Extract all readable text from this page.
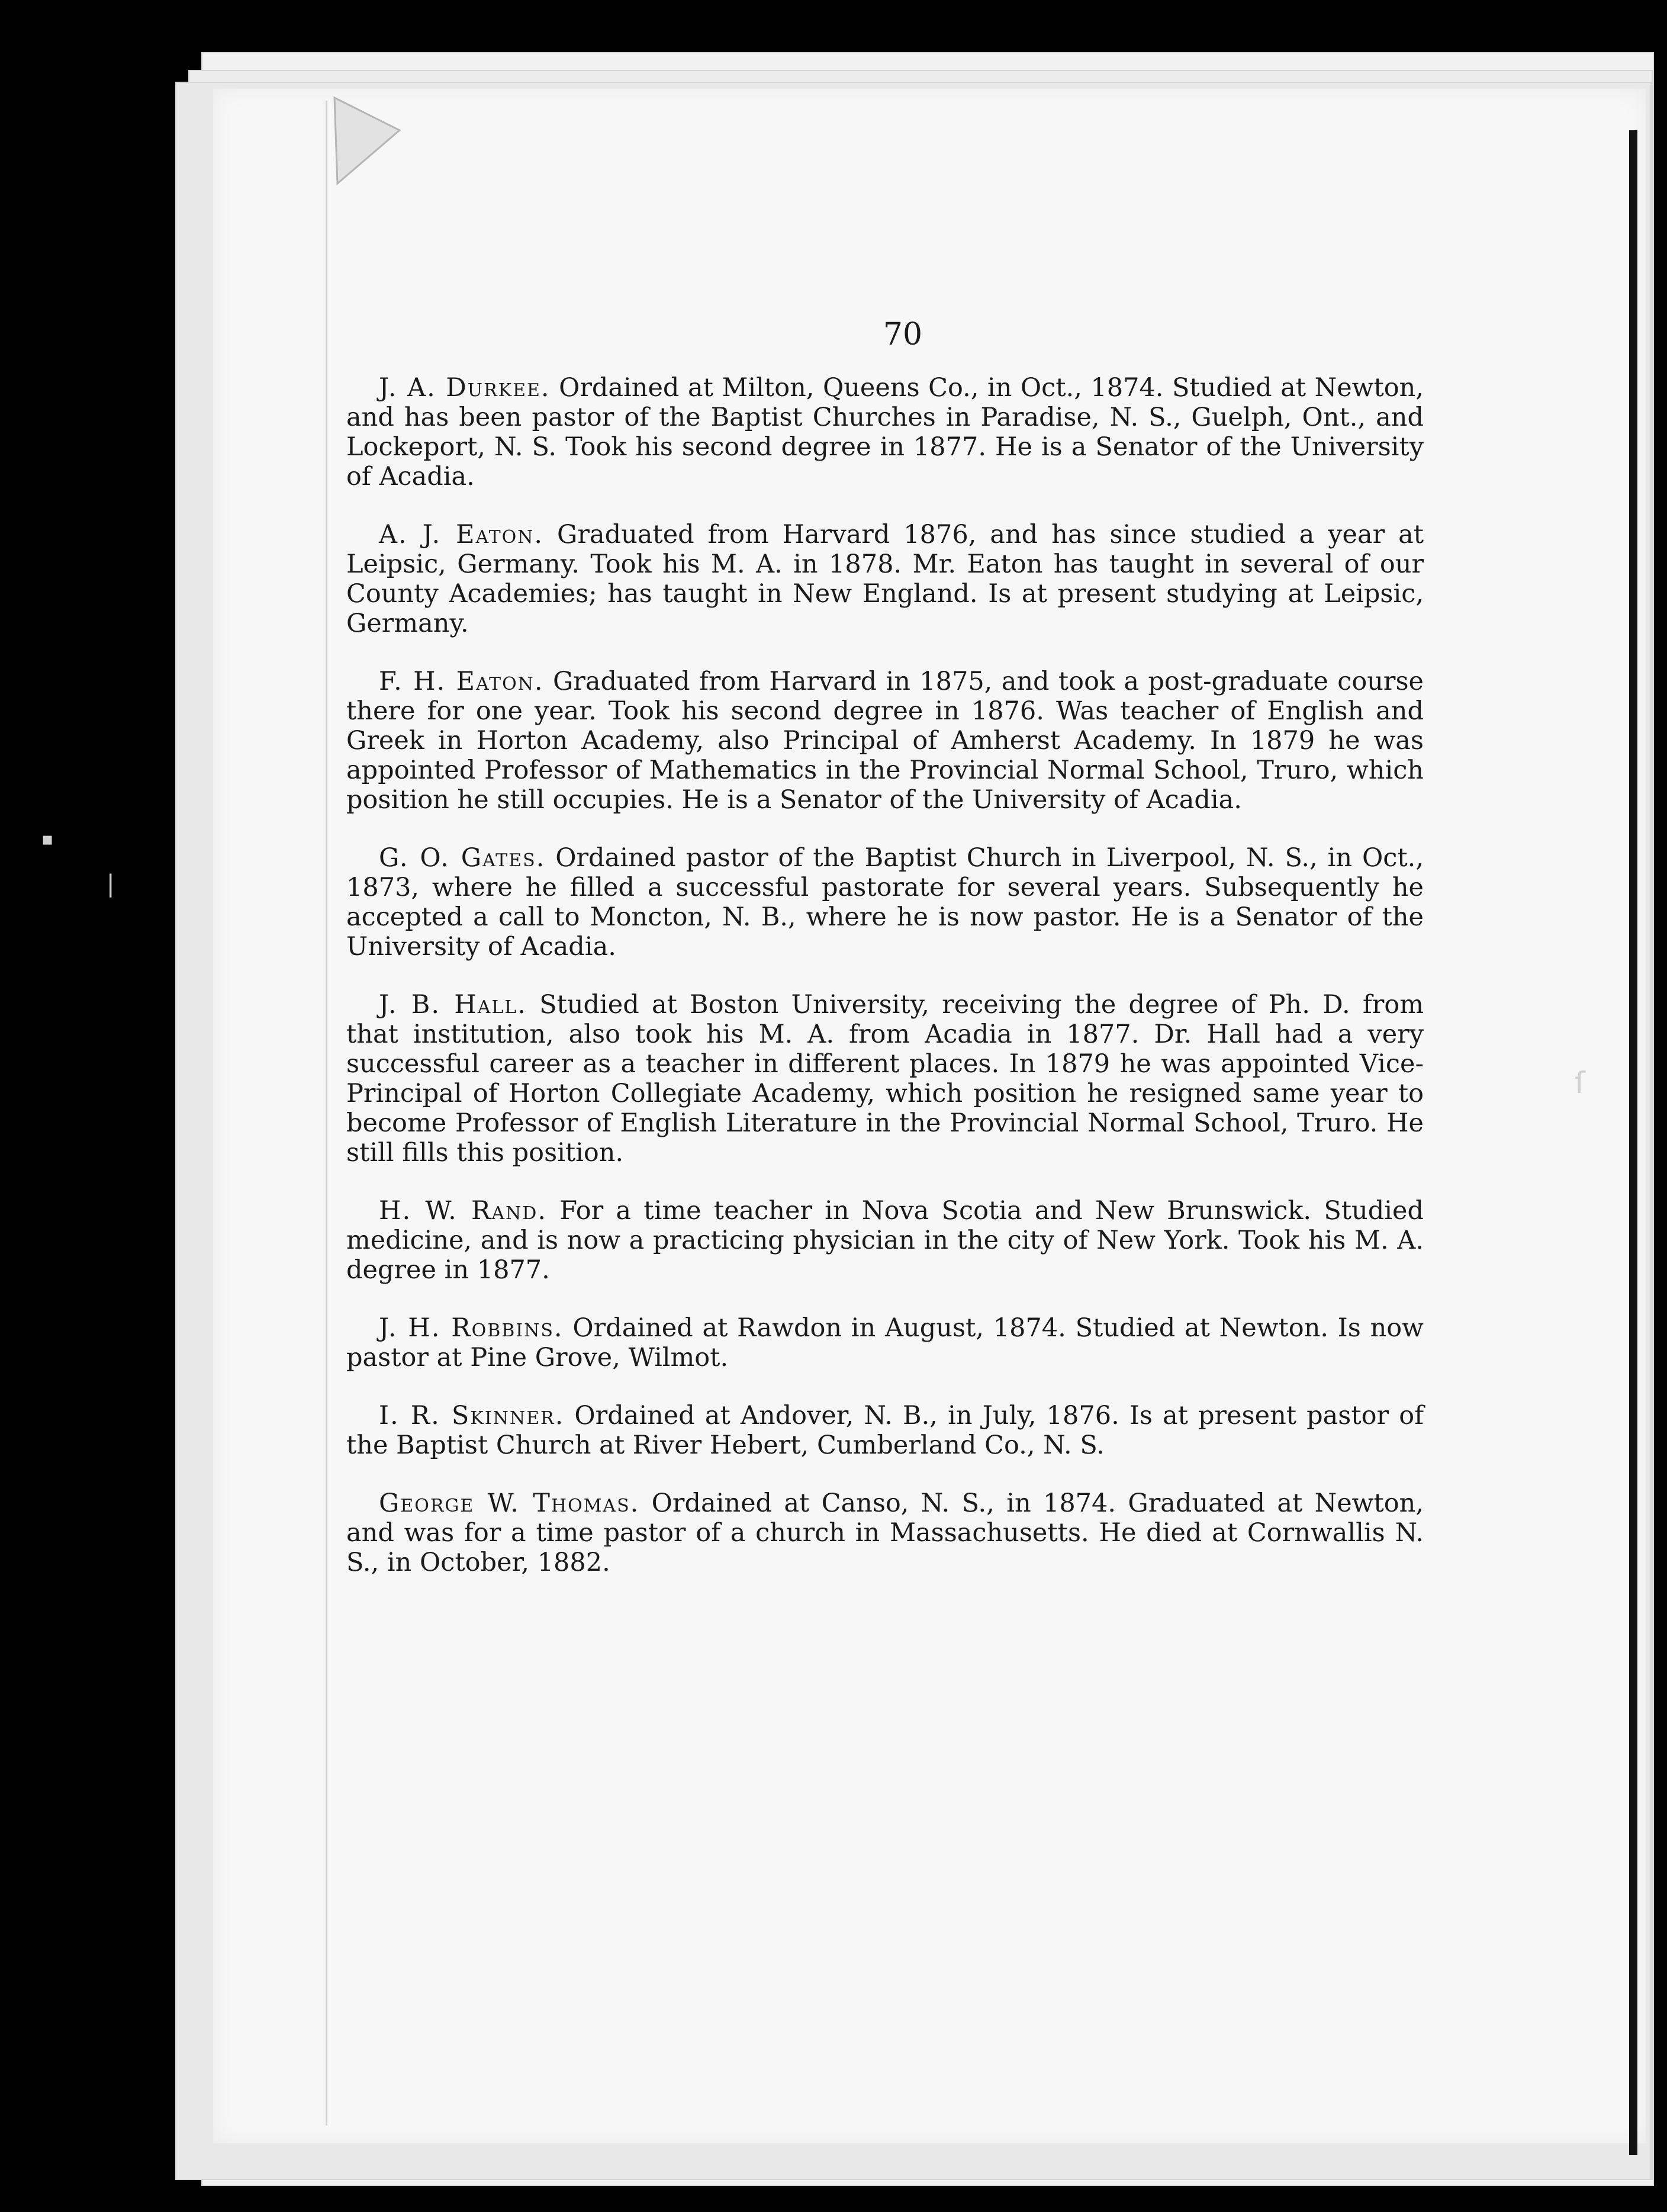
▪
|
ſ
70

J. A. Durkee. Ordained at Milton, Queens Co., in Oct., 1874. Studied at Newton, and has been pastor of the Baptist Churches in Paradise, N. S., Guelph, Ont., and Lockeport, N. S. Took his second degree in 1877. He is a Senator of the University of Acadia.

A. J. Eaton. Graduated from Harvard 1876, and has since studied a year at Leipsic, Germany. Took his M. A. in 1878. Mr. Eaton has taught in several of our County Academies; has taught in New England. Is at present studying at Leipsic, Germany.

F. H. Eaton. Graduated from Harvard in 1875, and took a post-graduate course there for one year. Took his second degree in 1876. Was teacher of English and Greek in Horton Academy, also Principal of Amherst Academy. In 1879 he was appointed Professor of Mathematics in the Provincial Normal School, Truro, which position he still occupies. He is a Senator of the University of Acadia.

G. O. Gates. Ordained pastor of the Baptist Church in Liverpool, N. S., in Oct., 1873, where he filled a successful pastorate for several years. Subsequently he accepted a call to Moncton, N. B., where he is now pastor. He is a Senator of the University of Acadia.

J. B. Hall. Studied at Boston University, receiving the degree of Ph. D. from that institution, also took his M. A. from Acadia in 1877. Dr. Hall had a very successful career as a teacher in different places. In 1879 he was appointed Vice-Principal of Horton Collegiate Academy, which position he resigned same year to become Professor of English Literature in the Provincial Normal School, Truro. He still fills this position.

H. W. Rand. For a time teacher in Nova Scotia and New Brunswick. Studied medicine, and is now a practicing physician in the city of New York. Took his M. A. degree in 1877.

J. H. Robbins. Ordained at Rawdon in August, 1874. Studied at Newton. Is now pastor at Pine Grove, Wilmot.

I. R. Skinner. Ordained at Andover, N. B., in July, 1876. Is at present pastor of the Baptist Church at River Hebert, Cumberland Co., N. S.

George W. Thomas. Ordained at Canso, N. S., in 1874. Graduated at Newton, and was for a time pastor of a church in Massachusetts. He died at Cornwallis N. S., in October, 1882.
